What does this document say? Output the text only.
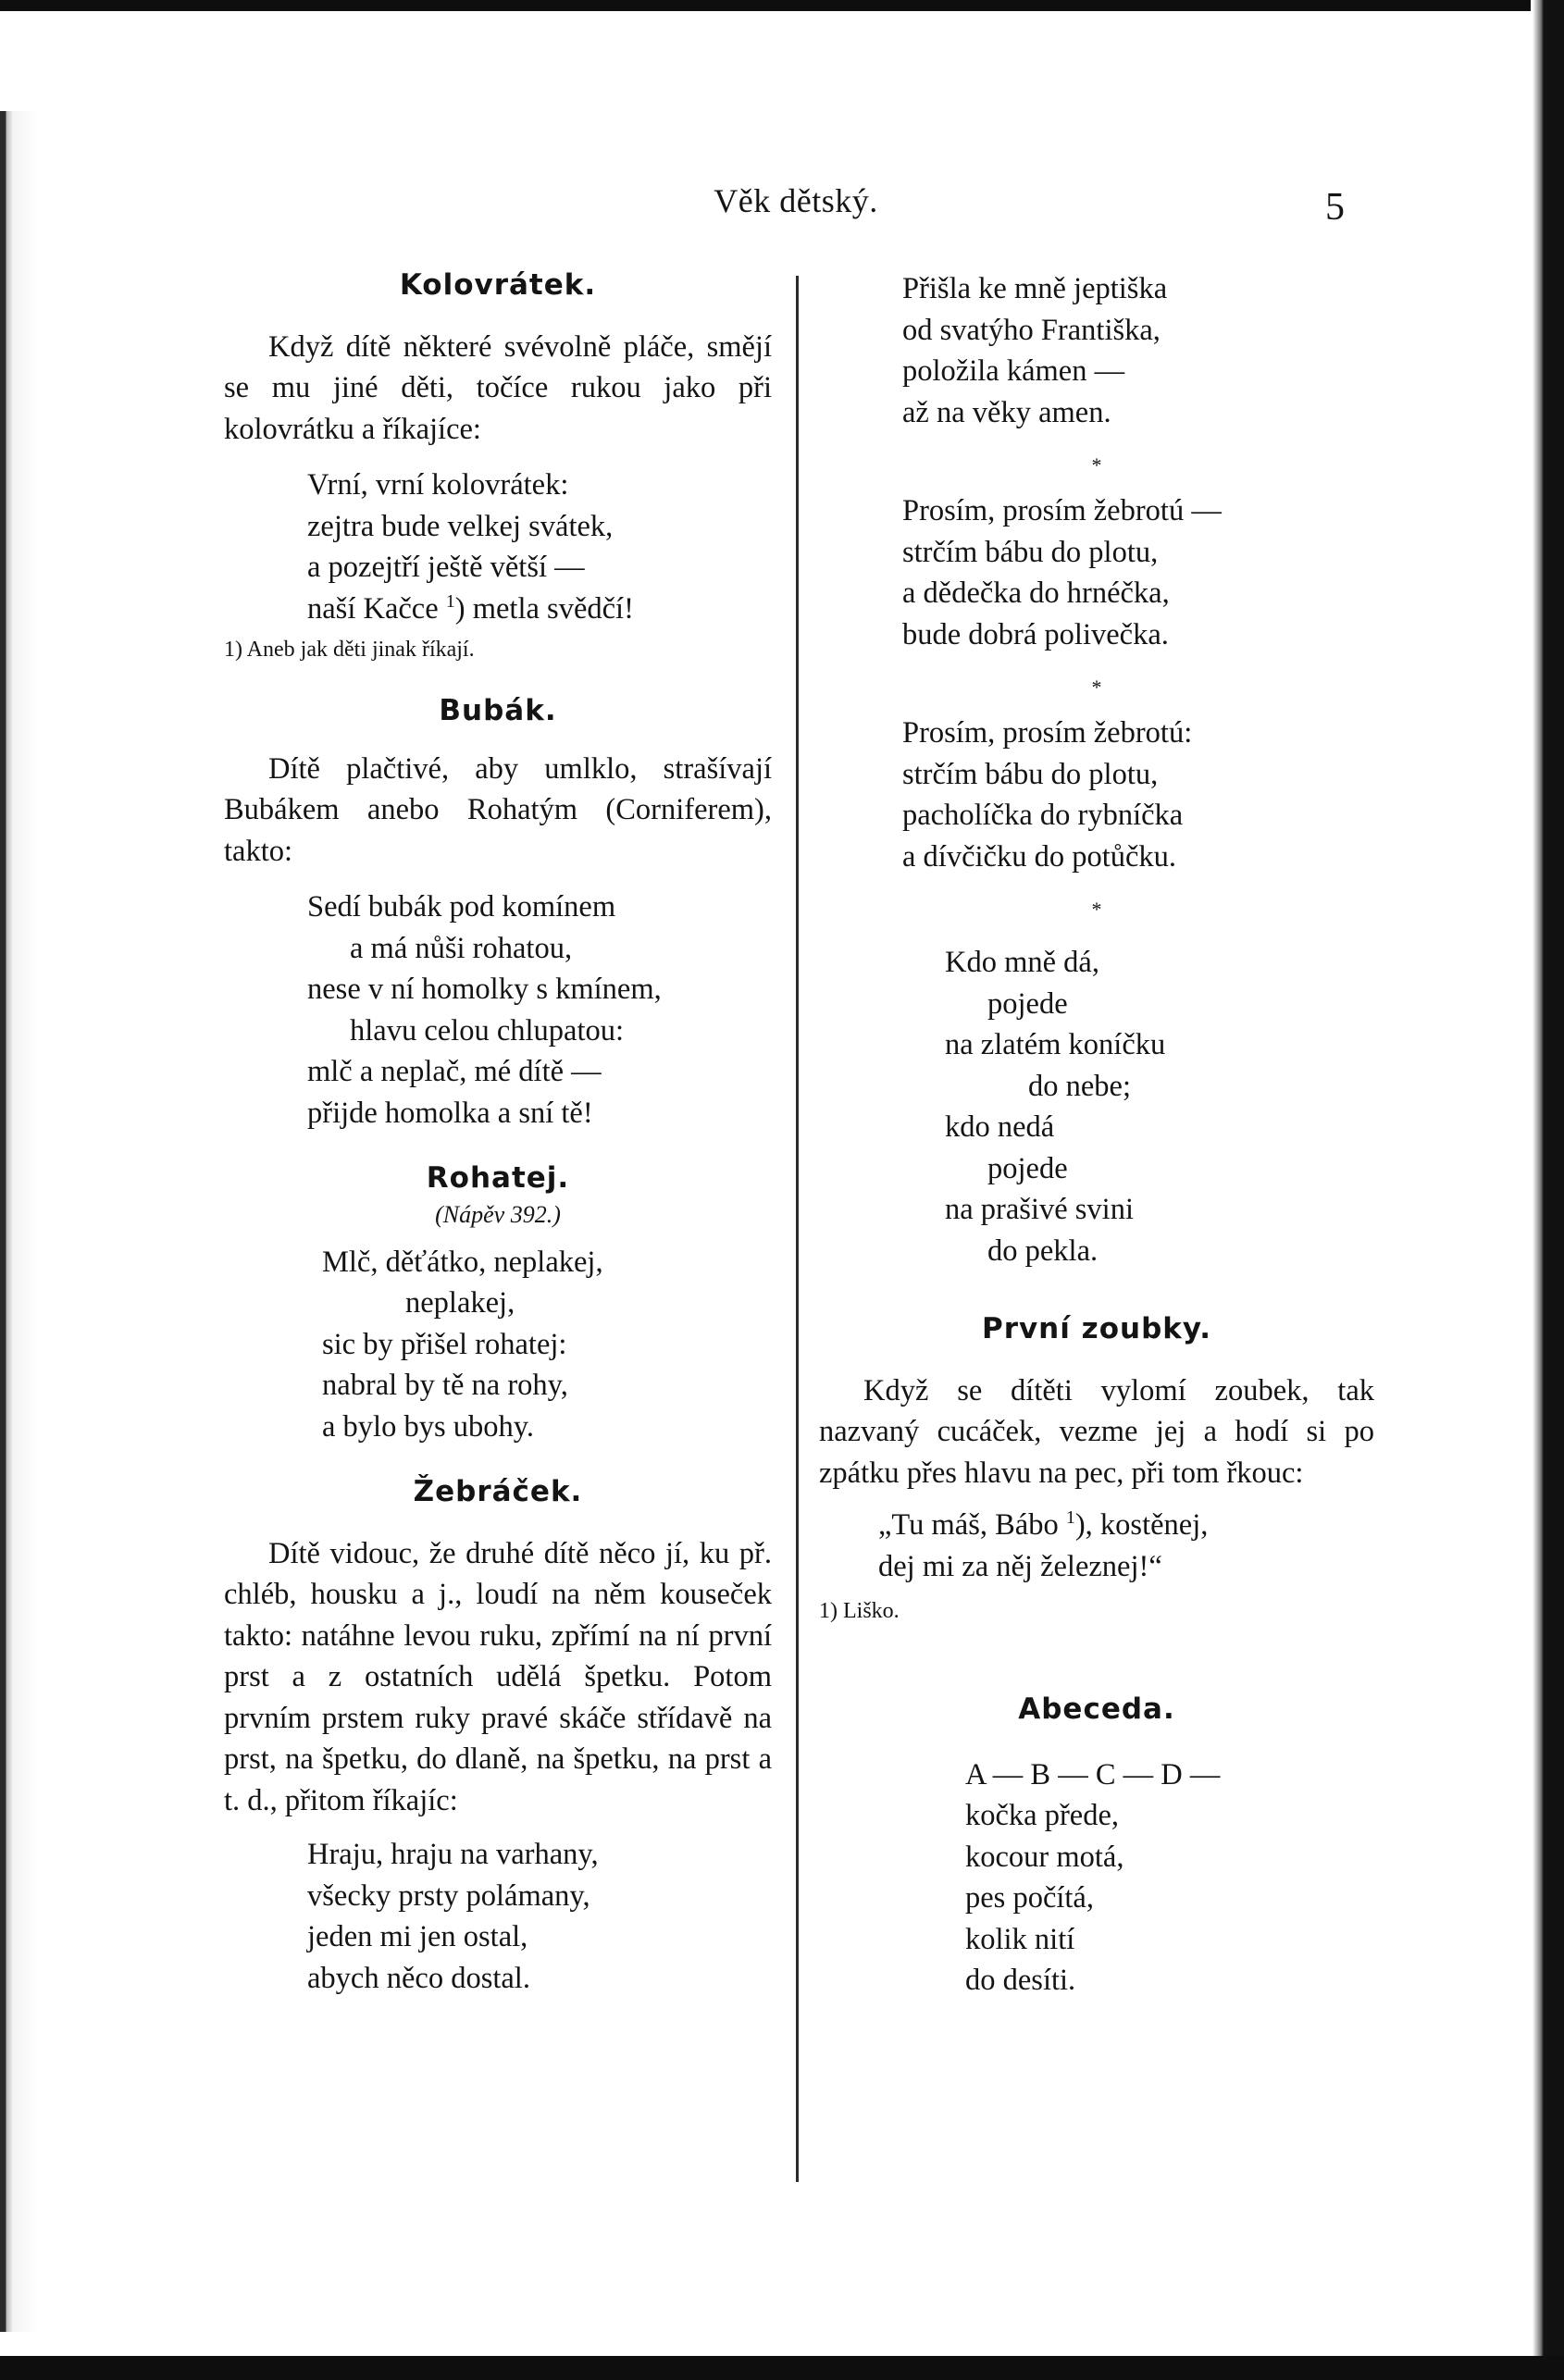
Věk dětský.	5
Kolovrátek.

Když dítě některé svévolně pláče, smějí se mu jiné děti, točíce rukou jako při kolovrátku a říkajíce:

Vrní, vrní kolovrátek:
zejtra bude velkej svátek,
a pozejtří ještě větší —
naší Kačce $^1$) metla svědčí!

1) Aneb jak děti jinak říkají.

Bubák.

Dítě plačtivé, aby umlklo, strašívají Bubákem anebo Rohatým (Corniferem), takto:

Sedí bubák pod komínem
a má nůši rohatou,
nese v ní homolky s kmínem,
hlavu celou chlupatou:
mlč a neplač, mé dítě —
přijde homolka a sní tě!
Rohatej.

(Nápěv 392.)

Mlč, děťátko, neplakej,
neplakej,
sic by přišel rohatej:
nabral by tě na rohy,
a bylo bys ubohy.
Žebráček.

Dítě vidouc, že druhé dítě něco jí, ku př. chléb, housku a j., loudí na něm kouseček takto: natáhne levou ruku, zpřímí na ní první prst a z ostatních udělá špetku. Potom prvním prstem ruky pravé skáče střídavě na prst, na špetku, do dlaně, na špetku, na prst a t. d., přitom říkajíc:

Hraju, hraju na varhany,
všecky prsty polámany,
jeden mi jen ostal,
abych něco dostal.
Přišla ke mně jeptiška
od svatýho Františka,
položila kámen —
až na věky amen.

*

Prosím, prosím žebrotú —
strčím bábu do plotu,
a dědečka do hrnéčka,
bude dobrá polivečka.

*

Prosím, prosím žebrotú:
strčím bábu do plotu,
pacholíčka do rybníčka
a dívčičku do potůčku.

*

Kdo mně dá,
pojede
na zlatém koníčku
do nebe;
kdo nedá
pojede
na prašivé svini
do pekla.
První zoubky.

Když se dítěti vylomí zoubek, tak nazvaný cucáček, vezme jej a hodí si po zpátku přes hlavu na pec, při tom řkouc:

„Tu máš, Bábo $^1$), kostěnej,
dej mi za něj železnej!“

1) Liško.

Abeceda.
A — B — C — D —
kočka přede,
kocour motá,
pes počítá,
kolik nití
do desíti.
